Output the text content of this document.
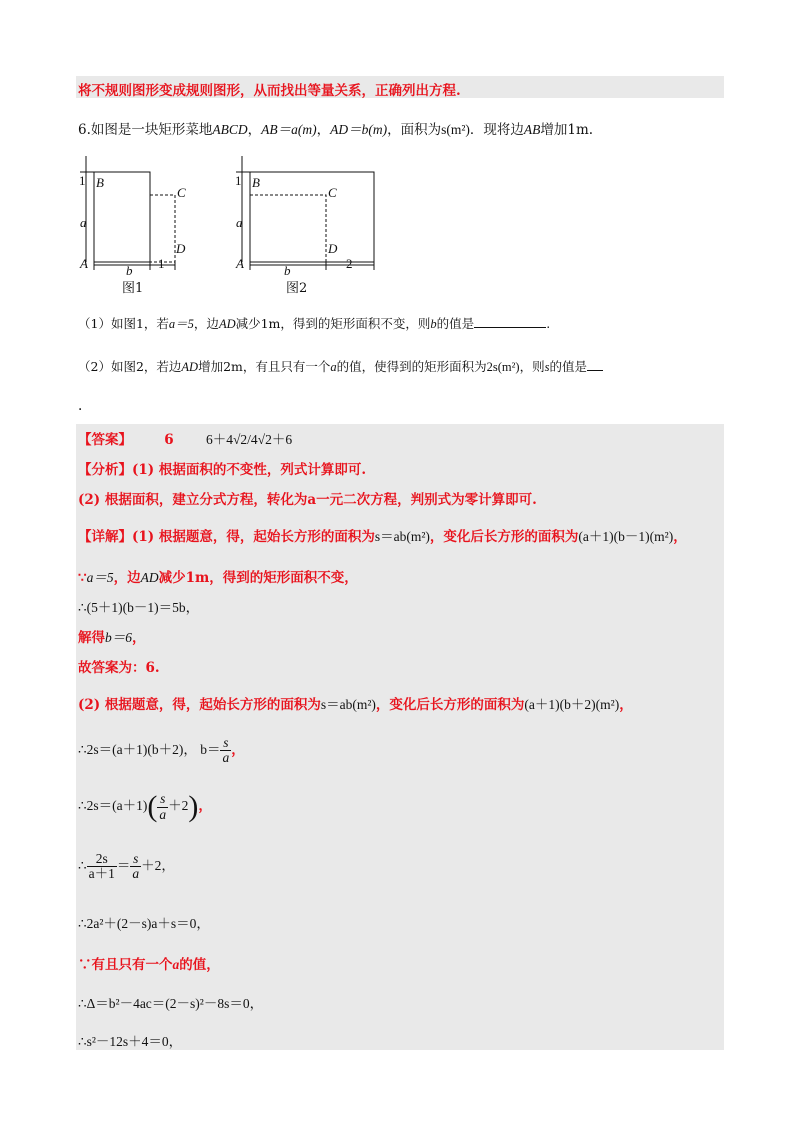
将不规则图形变成规则图形，从而找出等量关系，正确列出方程.
6.如图是一块矩形菜地ABCD，AB＝a(m)，AD＝b(m)，面积为s(m²)．现将边AB增加1m.
B
C
D
A
a
b
1
1
图1
B
C
D
A
a
b
1
2
图2
（1）如图1，若a＝5，边AD减少1m，得到的矩形面积不变，则b的值是	.
（2）如图2，若边AD增加2m，有且只有一个a的值，使得到的矩形面积为2s(m²)，则s的值是
.
【答案】 6 6＋4√2/4√2＋6
【分析】(1) 根据面积的不变性，列式计算即可.
(2) 根据面积，建立分式方程，转化为a一元二次方程，判别式为零计算即可.
【详解】(1) 根据题意，得，起始长方形的面积为s＝ab(m²)，变化后长方形的面积为(a＋1)(b－1)(m²)，
∵a＝5，边AD减少1m，得到的矩形面积不变，
∴(5＋1)(b－1)＝5b，
解得b＝6，
故答案为：6.
(2) 根据题意，得，起始长方形的面积为s＝ab(m²)，变化后长方形的面积为(a＋1)(b＋2)(m²)，
∴2s＝(a＋1)(b＋2)， $b= \frac{s}{a}$ ，
∴2s＝(a＋1)( $\frac{s}{a} +2$)，
∴ $\frac{2s}{a+1} = \frac{s}{a} +2$，
∴2a²＋(2－s)a＋s＝0，
∵有且只有一个a的值，
∴Δ＝b²－4ac＝(2－s)²－8s＝0，
∴s²－12s＋4＝0，
